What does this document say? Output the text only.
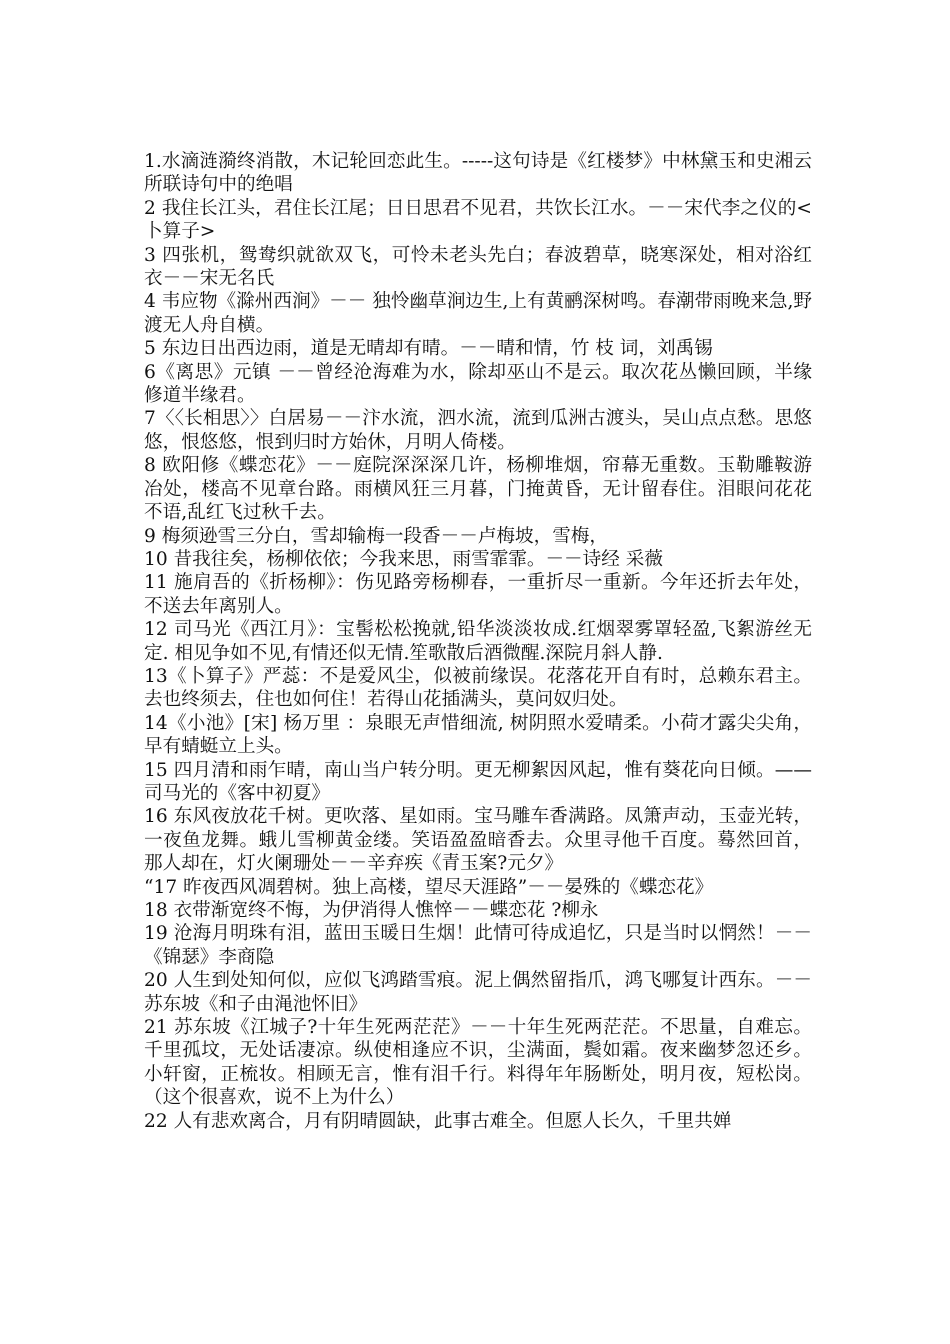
1.水滴涟漪终消散，木记轮回恋此生。-----这句诗是《红楼梦》中林黛玉和史湘云所联诗句中的绝唱

2 我住长江头，君住长江尾；日日思君不见君，共饮长江水。－－宋代李之仪的<卜算子>

3 四张机，鸳鸯织就欲双飞，可怜未老头先白；春波碧草，晓寒深处，相对浴红衣－－宋无名氏

4 韦应物《滁州西涧》－－ 独怜幽草涧边生,上有黄鹂深树鸣。春潮带雨晚来急,野渡无人舟自横。

5 东边日出西边雨，道是无晴却有晴。－－晴和情，竹 枝 词，刘禹锡

6《离思》元镇 －－曾经沧海难为水，除却巫山不是云。取次花丛懒回顾，半缘修道半缘君。

7〈〈长相思〉〉白居易－－汴水流，泗水流，流到瓜洲古渡头，吴山点点愁。思悠悠，恨悠悠，恨到归时方始休，月明人倚楼。

8 欧阳修《蝶恋花》－－庭院深深深几许，杨柳堆烟，帘幕无重数。玉勒雕鞍游冶处，楼高不见章台路。雨横风狂三月暮，门掩黄昏，无计留春住。泪眼问花花不语,乱红飞过秋千去。

9 梅须逊雪三分白，雪却输梅一段香－－卢梅坡，雪梅，

10 昔我往矣，杨柳依依；今我来思，雨雪霏霏。－－诗经 采薇

11 施肩吾的《折杨柳》：伤见路旁杨柳春，一重折尽一重新。今年还折去年处，不送去年离别人。

12 司马光《西江月》：宝髻松松挽就,铅华淡淡妆成.红烟翠雾罩轻盈,飞絮游丝无定. 相见争如不见,有情还似无情.笙歌散后酒微醒.深院月斜人静.

13《卜算子》严蕊：不是爱风尘，似被前缘误。花落花开自有时，总赖东君主。去也终须去，住也如何住！若得山花插满头，莫问奴归处。

14《小池》[宋] 杨万里 ：泉眼无声惜细流, 树阴照水爱晴柔。小荷才露尖尖角，早有蜻蜓立上头。

15 四月清和雨乍晴，南山当户转分明。更无柳絮因风起，惟有葵花向日倾。——司马光的《客中初夏》

16 东风夜放花千树。更吹落、星如雨。宝马雕车香满路。凤箫声动，玉壶光转，一夜鱼龙舞。蛾儿雪柳黄金缕。笑语盈盈暗香去。众里寻他千百度。蓦然回首，那人却在，灯火阑珊处－－辛弃疾《青玉案?元夕》

“17 昨夜西风凋碧树。独上高楼，望尽天涯路”－－晏殊的《蝶恋花》

18 衣带渐宽终不悔，为伊消得人憔悴－－蝶恋花 ?柳永

19 沧海月明珠有泪，蓝田玉暖日生烟！此情可待成追忆，只是当时以惘然！－－《锦瑟》李商隐

20 人生到处知何似，应似飞鸿踏雪痕。泥上偶然留指爪，鸿飞哪复计西东。－－苏东坡《和子由渑池怀旧》

21 苏东坡《江城子?十年生死两茫茫》－－十年生死两茫茫。不思量，自难忘。千里孤坟，无处话凄凉。纵使相逢应不识，尘满面，鬓如霜。夜来幽梦忽还乡。小轩窗，正梳妆。相顾无言，惟有泪千行。料得年年肠断处，明月夜，短松岗。（这个很喜欢，说不上为什么）

22 人有悲欢离合，月有阴晴圆缺，此事古难全。但愿人长久，千里共婵
